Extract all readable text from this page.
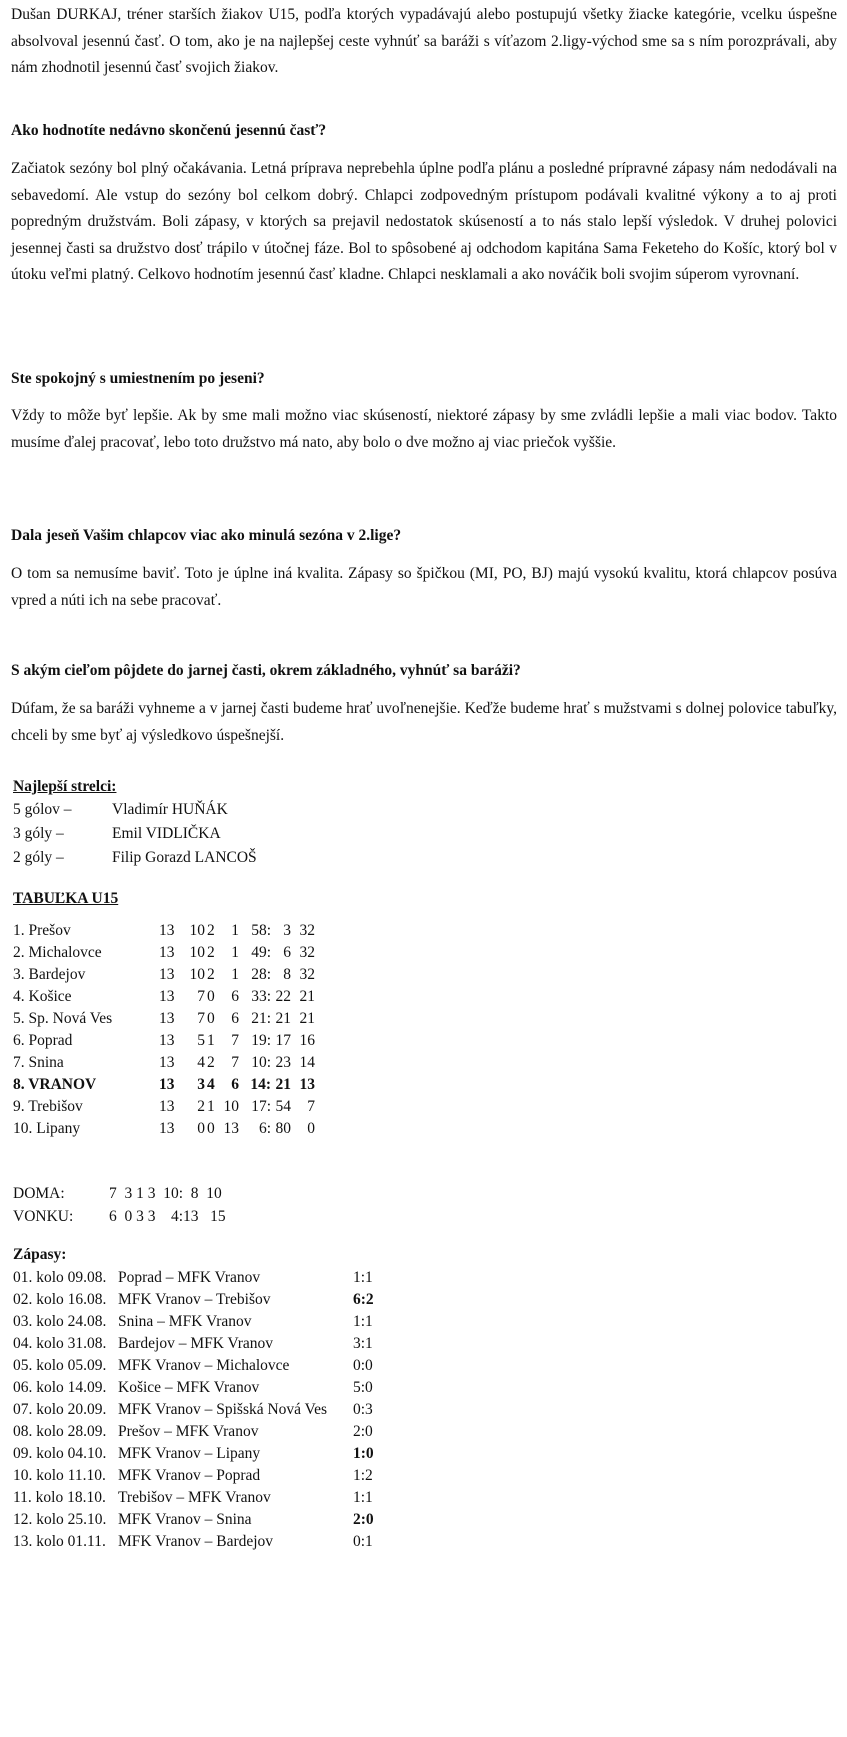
Dušan DURKAJ, tréner starších žiakov U15, podľa ktorých vypadávajú alebo postupujú všetky žiacke kategórie, vcelku úspešne absolvoval jesennú časť. O tom, ako je na najlepšej ceste vyhnúť sa baráži s víťazom 2.ligy-východ sme sa s ním porozprávali, aby nám zhodnotil jesennú časť svojich žiakov.

Ako hodnotíte nedávno skončenú jesennú časť?

Začiatok sezóny bol plný očakávania. Letná príprava neprebehla úplne podľa plánu a posledné prípravné zápasy nám nedodávali na sebavedomí. Ale vstup do sezóny bol celkom dobrý. Chlapci zodpovedným prístupom podávali kvalitné výkony a to aj proti popredným družstvám. Boli zápasy, v ktorých sa prejavil nedostatok skúseností a to nás stalo lepší výsledok. V druhej polovici jesennej časti sa družstvo dosť trápilo v útočnej fáze. Bol to spôsobené aj odchodom kapitána Sama Feketeho do Košíc, ktorý bol v útoku veľmi platný. Celkovo hodnotím jesennú časť kladne. Chlapci nesklamali a ako nováčik boli svojim súperom vyrovnaní.

Ste spokojný s umiestnením po jeseni?

Vždy to môže byť lepšie. Ak by sme mali možno viac skúseností, niektoré zápasy by sme zvládli lepšie a mali viac bodov. Takto musíme ďalej pracovať, lebo toto družstvo má nato, aby bolo o dve možno aj viac priečok vyššie.

Dala jeseň Vašim chlapcov viac ako minulá sezóna v 2.lige?

O tom sa nemusíme baviť. Toto je úplne iná kvalita. Zápasy so špičkou (MI, PO, BJ) majú vysokú kvalitu, ktorá chlapcov posúva vpred a núti ich na sebe pracovať.

S akým cieľom pôjdete do jarnej časti, okrem základného, vyhnúť sa baráži?

Dúfam, že sa baráži vyhneme a v jarnej časti budeme hrať uvoľnenejšie. Keďže budeme hrať s mužstvami s dolnej polovice tabuľky, chceli by sme byť aj výsledkovo úspešnejší.

Najlepší strelci:

5 gólov –	Vladimír HUŇÁK
3 góly –	Emil VIDLIČKA
2 góly –	Filip Gorazd LANCOŠ

TABUĽKA U15

1. Prešov	13 10 2	1 58: 3 32
2. Michalovce	13 10 2	1 49: 6 32
3. Bardejov	13 10 2	1 28: 8 32
4. Košice	13	7 0	6 33: 22 21
5. Sp. Nová Ves	13	7 0	6 21: 21 21
6. Poprad	13	5 1	7 19: 17 16
7. Snina	13	4 2	7 10: 23 14
8. VRANOV	13	3 4	6 14: 21 13
9. Trebišov	13	2 1 10 17: 54	7
10. Lipany	13	0 0 13	6: 80	0
DOMA:	7  3 1 3  10:  8  10
VONKU: 6  0 3 3    4:13   15

Zápasy:

01. kolo 09.08. Poprad – MFK Vranov	1:1
02. kolo 16.08. MFK Vranov – Trebišov	6:2
03. kolo 24.08. Snina – MFK Vranov	1:1
04. kolo 31.08. Bardejov – MFK Vranov	3:1
05. kolo 05.09. MFK Vranov – Michalovce	0:0
06. kolo 14.09. Košice – MFK Vranov	5:0
07. kolo 20.09. MFK Vranov – Spišská Nová Ves 0:3
08. kolo 28.09. Prešov – MFK Vranov	2:0
09. kolo 04.10. MFK Vranov – Lipany	1:0
10. kolo 11.10. MFK Vranov – Poprad	1:2
11. kolo 18.10. Trebišov – MFK Vranov	1:1
12. kolo 25.10. MFK Vranov – Snina	2:0
13. kolo 01.11. MFK Vranov – Bardejov	0:1
